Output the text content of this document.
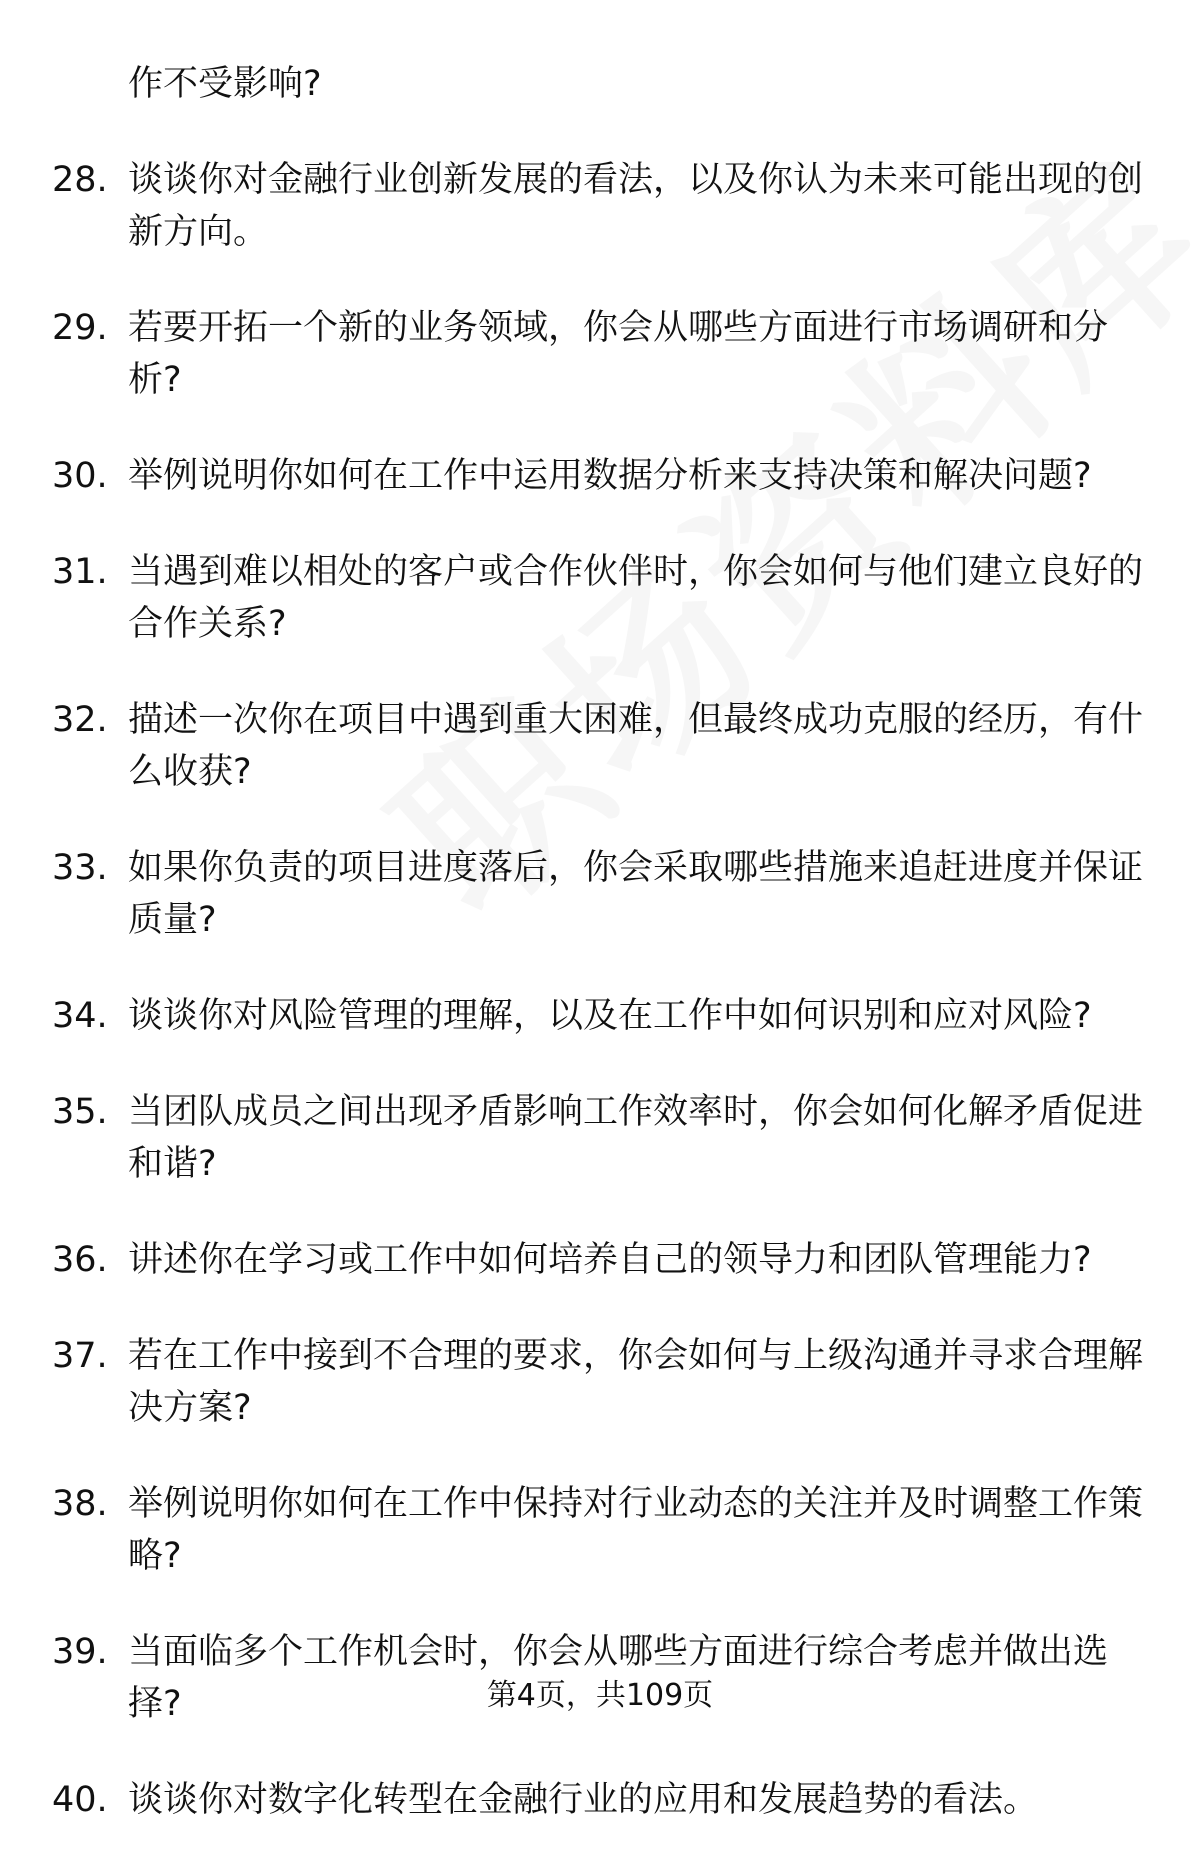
作不受影响?
28. 谈谈你对金融行业创新发展的看法，以及你认为未来可能出现的创新方向。
29. 若要开拓一个新的业务领域，你会从哪些方面进行市场调研和分析?
30. 举例说明你如何在工作中运用数据分析来支持决策和解决问题?
31. 当遇到难以相处的客户或合作伙伴时，你会如何与他们建立良好的合作关系?
32. 描述一次你在项目中遇到重大困难，但最终成功克服的经历，有什么收获?
33. 如果你负责的项目进度落后，你会采取哪些措施来追赶进度并保证质量?
34. 谈谈你对风险管理的理解，以及在工作中如何识别和应对风险?
35. 当团队成员之间出现矛盾影响工作效率时，你会如何化解矛盾促进和谐?
36. 讲述你在学习或工作中如何培养自己的领导力和团队管理能力?
37. 若在工作中接到不合理的要求，你会如何与上级沟通并寻求合理解决方案?
38. 举例说明你如何在工作中保持对行业动态的关注并及时调整工作策略?
39. 当面临多个工作机会时，你会从哪些方面进行综合考虑并做出选择?
40. 谈谈你对数字化转型在金融行业的应用和发展趋势的看法。
第4页，共109页
